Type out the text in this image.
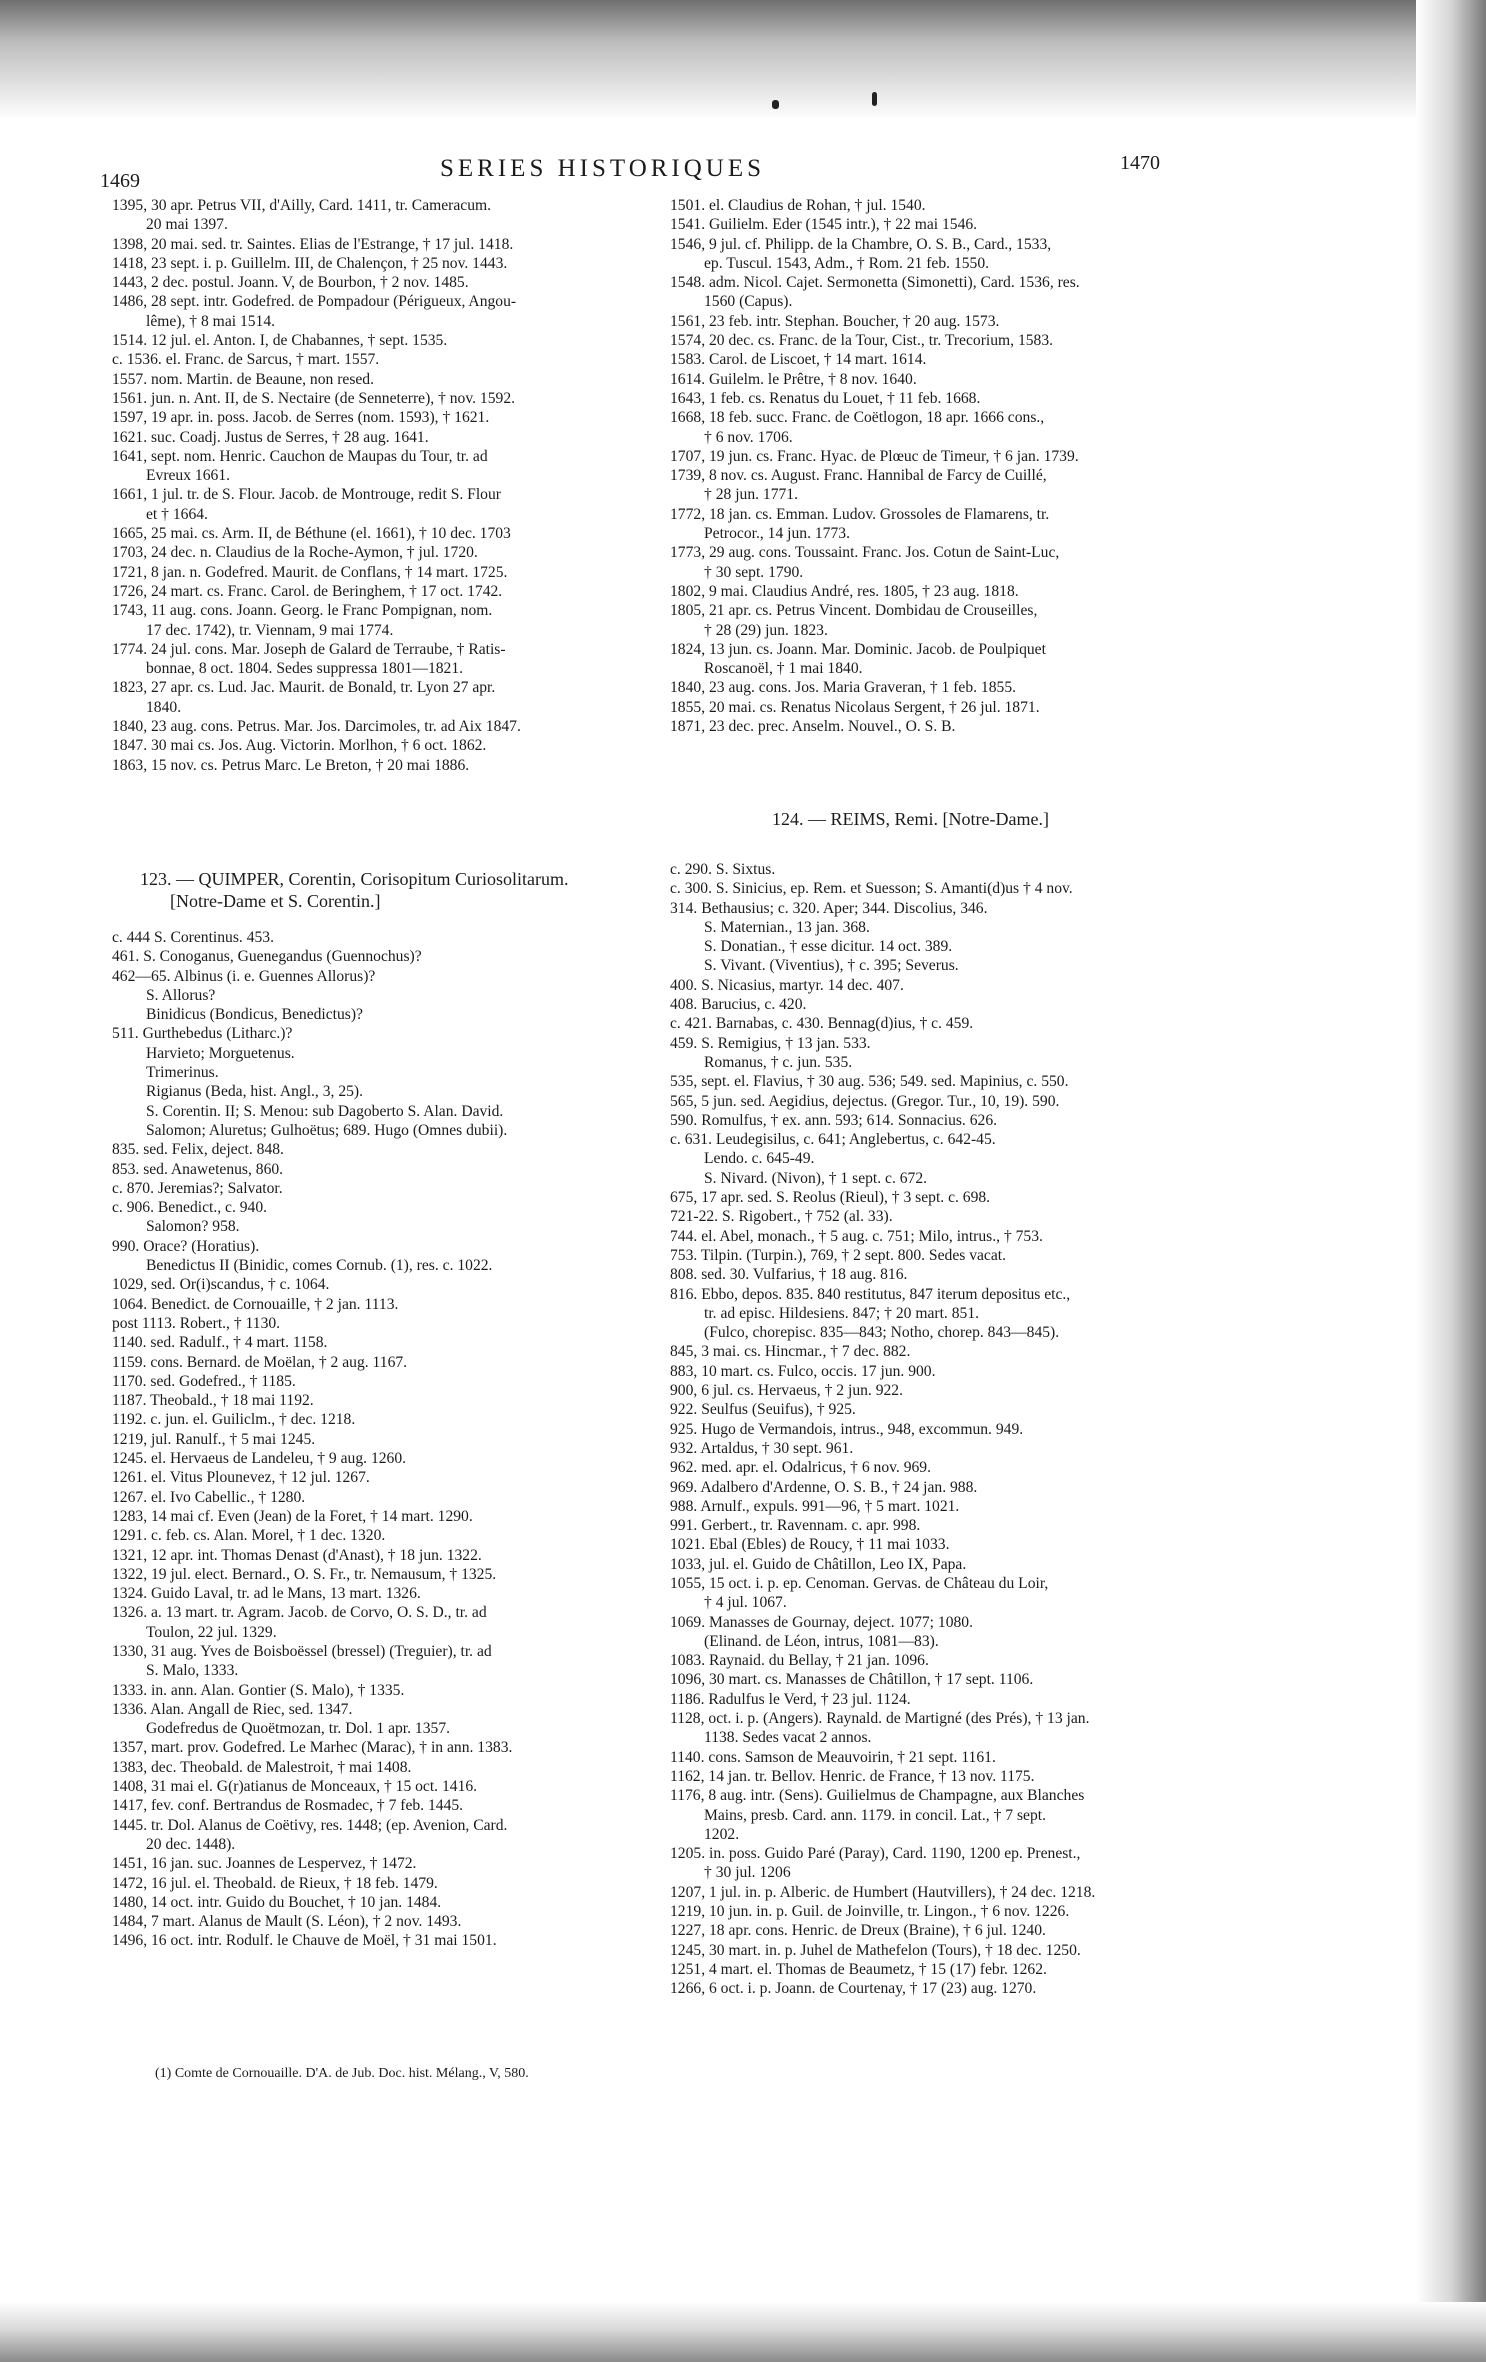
1469	SERIES HISTORIQUES	1470
1395, 30 apr. Petrus VII, d'Ailly, Card. 1411, tr. Cameracum.
20 mai 1397.
1398, 20 mai. sed. tr. Saintes. Elias de l'Estrange, † 17 jul. 1418.
1418, 23 sept. i. p. Guillelm. III, de Chalençon, † 25 nov. 1443.
1443, 2 dec. postul. Joann. V, de Bourbon, † 2 nov. 1485.
1486, 28 sept. intr. Godefred. de Pompadour (Périgueux, Angou-
lême), † 8 mai 1514.
1514. 12 jul. el. Anton. I, de Chabannes, † sept. 1535.
c. 1536. el. Franc. de Sarcus, † mart. 1557.
1557. nom. Martin. de Beaune, non resed.
1561. jun. n. Ant. II, de S. Nectaire (de Senneterre), † nov. 1592.
1597, 19 apr. in. poss. Jacob. de Serres (nom. 1593), † 1621.
1621. suc. Coadj. Justus de Serres, † 28 aug. 1641.
1641, sept. nom. Henric. Cauchon de Maupas du Tour, tr. ad
Evreux 1661.
1661, 1 jul. tr. de S. Flour. Jacob. de Montrouge, redit S. Flour
et † 1664.
1665, 25 mai. cs. Arm. II, de Béthune (el. 1661), † 10 dec. 1703
1703, 24 dec. n. Claudius de la Roche-Aymon, † jul. 1720.
1721, 8 jan. n. Godefred. Maurit. de Conflans, † 14 mart. 1725.
1726, 24 mart. cs. Franc. Carol. de Beringhem, † 17 oct. 1742.
1743, 11 aug. cons. Joann. Georg. le Franc Pompignan, nom.
17 dec. 1742), tr. Viennam, 9 mai 1774.
1774. 24 jul. cons. Mar. Joseph de Galard de Terraube, † Ratis-
bonnae, 8 oct. 1804. Sedes suppressa 1801—1821.
1823, 27 apr. cs. Lud. Jac. Maurit. de Bonald, tr. Lyon 27 apr.
1840.
1840, 23 aug. cons. Petrus. Mar. Jos. Darcimoles, tr. ad Aix 1847.
1847. 30 mai cs. Jos. Aug. Victorin. Morlhon, † 6 oct. 1862.
1863, 15 nov. cs. Petrus Marc. Le Breton, † 20 mai 1886.
123. — QUIMPER, Corentin, Corisopitum Curiosolitarum.
[Notre-Dame et S. Corentin.]
c. 444 S. Corentinus. 453.
461. S. Conoganus, Guenegandus (Guennochus)?
462—65. Albinus (i. e. Guennes Allorus)?
S. Allorus?
Binidicus (Bondicus, Benedictus)?
511. Gurthebedus (Litharc.)?
Harvieto; Morguetenus.
Trimerinus.
Rigianus (Beda, hist. Angl., 3, 25).
S. Corentin. II; S. Menou: sub Dagoberto S. Alan. David.
Salomon; Aluretus; Gulhoëtus; 689. Hugo (Omnes dubii).
835. sed. Felix, deject. 848.
853. sed. Anawetenus, 860.
c. 870. Jeremias?; Salvator.
c. 906. Benedict., c. 940.
Salomon? 958.
990. Orace? (Horatius).
Benedictus II (Binidic, comes Cornub. (1), res. c. 1022.
1029, sed. Or(i)scandus, † c. 1064.
1064. Benedict. de Cornouaille, † 2 jan. 1113.
post 1113. Robert., † 1130.
1140. sed. Radulf., † 4 mart. 1158.
1159. cons. Bernard. de Moëlan, † 2 aug. 1167.
1170. sed. Godefred., † 1185.
1187. Theobald., † 18 mai 1192.
1192. c. jun. el. Guiliclm., † dec. 1218.
1219, jul. Ranulf., † 5 mai 1245.
1245. el. Hervaeus de Landeleu, † 9 aug. 1260.
1261. el. Vitus Plounevez, † 12 jul. 1267.
1267. el. Ivo Cabellic., † 1280.
1283, 14 mai cf. Even (Jean) de la Foret, † 14 mart. 1290.
1291. c. feb. cs. Alan. Morel, † 1 dec. 1320.
1321, 12 apr. int. Thomas Denast (d'Anast), † 18 jun. 1322.
1322, 19 jul. elect. Bernard., O. S. Fr., tr. Nemausum, † 1325.
1324. Guido Laval, tr. ad le Mans, 13 mart. 1326.
1326. a. 13 mart. tr. Agram. Jacob. de Corvo, O. S. D., tr. ad
Toulon, 22 jul. 1329.
1330, 31 aug. Yves de Boisboëssel (bressel) (Treguier), tr. ad
S. Malo, 1333.
1333. in. ann. Alan. Gontier (S. Malo), † 1335.
1336. Alan. Angall de Riec, sed. 1347.
Godefredus de Quoëtmozan, tr. Dol. 1 apr. 1357.
1357, mart. prov. Godefred. Le Marhec (Marac), † in ann. 1383.
1383, dec. Theobald. de Malestroit, † mai 1408.
1408, 31 mai el. G(r)atianus de Monceaux, † 15 oct. 1416.
1417, fev. conf. Bertrandus de Rosmadec, † 7 feb. 1445.
1445. tr. Dol. Alanus de Coëtivy, res. 1448; (ep. Avenion, Card.
20 dec. 1448).
1451, 16 jan. suc. Joannes de Lespervez, † 1472.
1472, 16 jul. el. Theobald. de Rieux, † 18 feb. 1479.
1480, 14 oct. intr. Guido du Bouchet, † 10 jan. 1484.
1484, 7 mart. Alanus de Mault (S. Léon), † 2 nov. 1493.
1496, 16 oct. intr. Rodulf. le Chauve de Moël, † 31 mai 1501.
(1) Comte de Cornouaille. D'A. de Jub. Doc. hist. Mélang., V, 580.
1501. el. Claudius de Rohan, † jul. 1540.
1541. Guilielm. Eder (1545 intr.), † 22 mai 1546.
1546, 9 jul. cf. Philipp. de la Chambre, O. S. B., Card., 1533,
ep. Tuscul. 1543, Adm., † Rom. 21 feb. 1550.
1548. adm. Nicol. Cajet. Sermonetta (Simonetti), Card. 1536, res.
1560 (Capus).
1561, 23 feb. intr. Stephan. Boucher, † 20 aug. 1573.
1574, 20 dec. cs. Franc. de la Tour, Cist., tr. Trecorium, 1583.
1583. Carol. de Liscoet, † 14 mart. 1614.
1614. Guilelm. le Prêtre, † 8 nov. 1640.
1643, 1 feb. cs. Renatus du Louet, † 11 feb. 1668.
1668, 18 feb. succ. Franc. de Coëtlogon, 18 apr. 1666 cons.,
† 6 nov. 1706.
1707, 19 jun. cs. Franc. Hyac. de Plœuc de Timeur, † 6 jan. 1739.
1739, 8 nov. cs. August. Franc. Hannibal de Farcy de Cuillé,
† 28 jun. 1771.
1772, 18 jan. cs. Emman. Ludov. Grossoles de Flamarens, tr.
Petrocor., 14 jun. 1773.
1773, 29 aug. cons. Toussaint. Franc. Jos. Cotun de Saint-Luc,
† 30 sept. 1790.
1802, 9 mai. Claudius André, res. 1805, † 23 aug. 1818.
1805, 21 apr. cs. Petrus Vincent. Dombidau de Crouseilles,
† 28 (29) jun. 1823.
1824, 13 jun. cs. Joann. Mar. Dominic. Jacob. de Poulpiquet
Roscanoël, † 1 mai 1840.
1840, 23 aug. cons. Jos. Maria Graveran, † 1 feb. 1855.
1855, 20 mai. cs. Renatus Nicolaus Sergent, † 26 jul. 1871.
1871, 23 dec. prec. Anselm. Nouvel., O. S. B.
124. — REIMS, Remi. [Notre-Dame.]
c. 290. S. Sixtus.
c. 300. S. Sinicius, ep. Rem. et Suesson; S. Amanti(d)us † 4 nov.
314. Bethausius; c. 320. Aper; 344. Discolius, 346.
S. Maternian., 13 jan. 368.
S. Donatian., † esse dicitur. 14 oct. 389.
S. Vivant. (Viventius), † c. 395; Severus.
400. S. Nicasius, martyr. 14 dec. 407.
408. Barucius, c. 420.
c. 421. Barnabas, c. 430. Bennag(d)ius, † c. 459.
459. S. Remigius, † 13 jan. 533.
Romanus, † c. jun. 535.
535, sept. el. Flavius, † 30 aug. 536; 549. sed. Mapinius, c. 550.
565, 5 jun. sed. Aegidius, dejectus. (Gregor. Tur., 10, 19). 590.
590. Romulfus, † ex. ann. 593; 614. Sonnacius. 626.
c. 631. Leudegisilus, c. 641; Anglebertus, c. 642-45.
Lendo. c. 645-49.
S. Nivard. (Nivon), † 1 sept. c. 672.
675, 17 apr. sed. S. Reolus (Rieul), † 3 sept. c. 698.
721-22. S. Rigobert., † 752 (al. 33).
744. el. Abel, monach., † 5 aug. c. 751; Milo, intrus., † 753.
753. Tilpin. (Turpin.), 769, † 2 sept. 800. Sedes vacat.
808. sed. 30. Vulfarius, † 18 aug. 816.
816. Ebbo, depos. 835. 840 restitutus, 847 iterum depositus etc.,
tr. ad episc. Hildesiens. 847; † 20 mart. 851.
(Fulco, chorepisc. 835—843; Notho, chorep. 843—845).
845, 3 mai. cs. Hincmar., † 7 dec. 882.
883, 10 mart. cs. Fulco, occis. 17 jun. 900.
900, 6 jul. cs. Hervaeus, † 2 jun. 922.
922. Seulfus (Seuifus), † 925.
925. Hugo de Vermandois, intrus., 948, excommun. 949.
932. Artaldus, † 30 sept. 961.
962. med. apr. el. Odalricus, † 6 nov. 969.
969. Adalbero d'Ardenne, O. S. B., † 24 jan. 988.
988. Arnulf., expuls. 991—96, † 5 mart. 1021.
991. Gerbert., tr. Ravennam. c. apr. 998.
1021. Ebal (Ebles) de Roucy, † 11 mai 1033.
1033, jul. el. Guido de Châtillon, Leo IX, Papa.
1055, 15 oct. i. p. ep. Cenoman. Gervas. de Château du Loir,
† 4 jul. 1067.
1069. Manasses de Gournay, deject. 1077; 1080.
(Elinand. de Léon, intrus, 1081—83).
1083. Raynaid. du Bellay, † 21 jan. 1096.
1096, 30 mart. cs. Manasses de Châtillon, † 17 sept. 1106.
1186. Radulfus le Verd, † 23 jul. 1124.
1128, oct. i. p. (Angers). Raynald. de Martigné (des Prés), † 13 jan.
1138. Sedes vacat 2 annos.
1140. cons. Samson de Meauvoirin, † 21 sept. 1161.
1162, 14 jan. tr. Bellov. Henric. de France, † 13 nov. 1175.
1176, 8 aug. intr. (Sens). Guilielmus de Champagne, aux Blanches
Mains, presb. Card. ann. 1179. in concil. Lat., † 7 sept.
1202.
1205. in. poss. Guido Paré (Paray), Card. 1190, 1200 ep. Prenest.,
† 30 jul. 1206
1207, 1 jul. in. p. Alberic. de Humbert (Hautvillers), † 24 dec. 1218.
1219, 10 jun. in. p. Guil. de Joinville, tr. Lingon., † 6 nov. 1226.
1227, 18 apr. cons. Henric. de Dreux (Braine), † 6 jul. 1240.
1245, 30 mart. in. p. Juhel de Mathefelon (Tours), † 18 dec. 1250.
1251, 4 mart. el. Thomas de Beaumetz, † 15 (17) febr. 1262.
1266, 6 oct. i. p. Joann. de Courtenay, † 17 (23) aug. 1270.
